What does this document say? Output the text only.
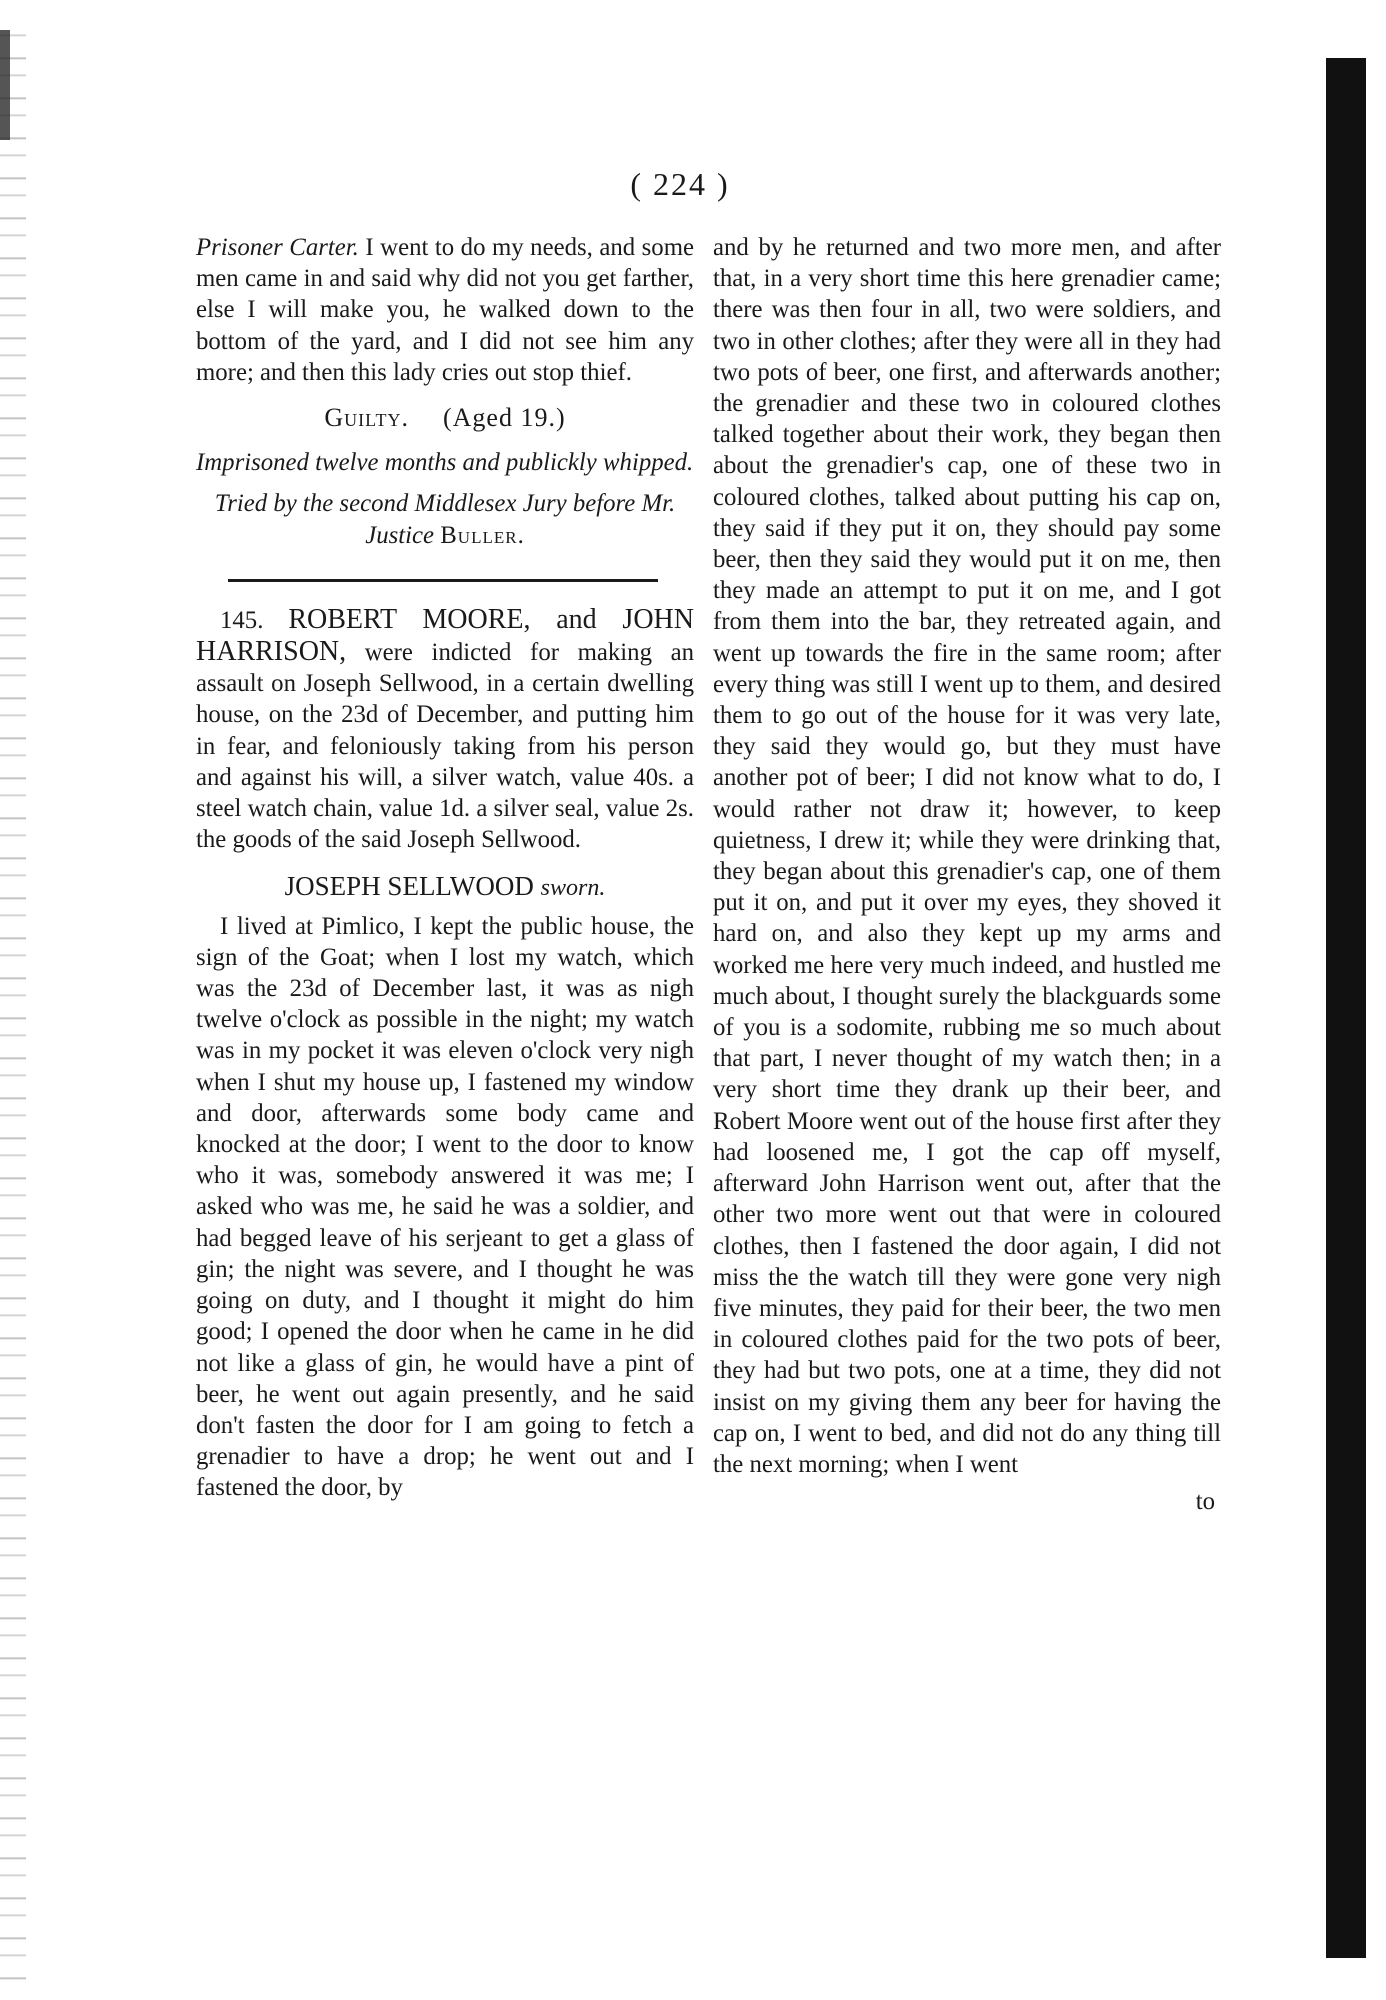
( 224 )

Prisoner Carter. I went to do my needs, and some men came in and said why did not you get farther, else I will make you, he walked down to the bottom of the yard, and I did not see him any more; and then this lady cries out stop thief.

Guilty. (Aged 19.)

Imprisoned twelve months and publickly whipped.

Tried by the second Middlesex Jury before Mr. Justice Buller.

145. ROBERT MOORE, and JOHN HARRISON, were indicted for making an assault on Joseph Sellwood, in a certain dwelling house, on the 23d of December, and putting him in fear, and feloniously taking from his person and against his will, a silver watch, value 40s. a steel watch chain, value 1d. a silver seal, value 2s. the goods of the said Joseph Sellwood.

JOSEPH SELLWOOD sworn.

I lived at Pimlico, I kept the public house, the sign of the Goat; when I lost my watch, which was the 23d of December last, it was as nigh twelve o'clock as possible in the night; my watch was in my pocket it was eleven o'clock very nigh when I shut my house up, I fastened my window and door, afterwards some body came and knocked at the door; I went to the door to know who it was, somebody answered it was me; I asked who was me, he said he was a soldier, and had begged leave of his serjeant to get a glass of gin; the night was severe, and I thought he was going on duty, and I thought it might do him good; I opened the door when he came in he did not like a glass of gin, he would have a pint of beer, he went out again presently, and he said don't fasten the door for I am going to fetch a grenadier to have a drop; he went out and I fastened the door, by

and by he returned and two more men, and after that, in a very short time this here grenadier came; there was then four in all, two were soldiers, and two in other clothes; after they were all in they had two pots of beer, one first, and afterwards another; the grenadier and these two in coloured clothes talked together about their work, they began then about the grenadier's cap, one of these two in coloured clothes, talked about putting his cap on, they said if they put it on, they should pay some beer, then they said they would put it on me, then they made an attempt to put it on me, and I got from them into the bar, they retreated again, and went up towards the fire in the same room; after every thing was still I went up to them, and desired them to go out of the house for it was very late, they said they would go, but they must have another pot of beer; I did not know what to do, I would rather not draw it; however, to keep quietness, I drew it; while they were drinking that, they began about this grenadier's cap, one of them put it on, and put it over my eyes, they shoved it hard on, and also they kept up my arms and worked me here very much indeed, and hustled me much about, I thought surely the blackguards some of you is a sodomite, rubbing me so much about that part, I never thought of my watch then; in a very short time they drank up their beer, and Robert Moore went out of the house first after they had loosened me, I got the cap off myself, afterward John Harrison went out, after that the other two more went out that were in coloured clothes, then I fastened the door again, I did not miss the the watch till they were gone very nigh five minutes, they paid for their beer, the two men in coloured clothes paid for the two pots of beer, they had but two pots, one at a time, they did not insist on my giving them any beer for having the cap on, I went to bed, and did not do any thing till the next morning; when I went

to
